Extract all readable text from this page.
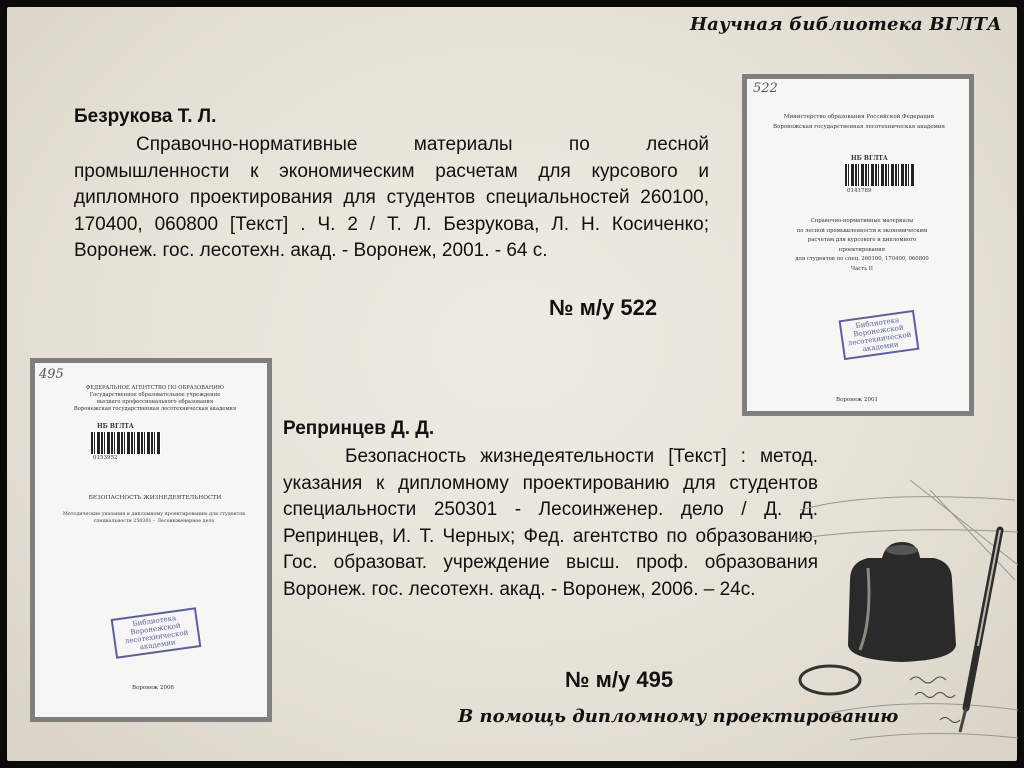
Научная библиотека ВГЛТА
Безрукова Т. Л.

Справочно-нормативные материалы по лесной промышленности к экономическим расчетам для курсового и дипломного проектирования для студентов специальностей 260100, 170400, 060800 [Текст] . Ч. 2 / Т. Л. Безрукова, Л. Н. Косиченко; Воронеж. гос. лесотехн. акад. - Воронеж, 2001. - 64 с.

№ м/у 522
522
Министерство образования Российской Федерации
Воронежская государственная лесотехническая академия
НБ ВГЛТА
0141789
Справочно-нормативные материалы
по лесной промышленности к экономическим
расчетам для курсового и дипломного
проектирования
для студентов по спец. 260100, 170400, 060800
Часть II
Библиотека Воронежской лесотехнической академии
Воронеж 2001
495
ФЕДЕРАЛЬНОЕ АГЕНТСТВО ПО ОБРАЗОВАНИЮ
Государственное образовательное учреждение
высшего профессионального образования
Воронежская государственная лесотехническая академия
НБ ВГЛТА
0153952
БЕЗОПАСНОСТЬ ЖИЗНЕДЕЯТЕЛЬНОСТИ
Методические указания к дипломному проектированию для студентов
специальности 250301 – Лесоинженерное дело
Библиотека Воронежской лесотехнической академии
Воронеж 2006
Репринцев Д. Д.

Безопасность жизнедеятельности [Текст] : метод. указания к дипломному проектированию для студентов специальности 250301 - Лесоинженер. дело / Д. Д. Репринцев, И. Т. Черных; Фед. агентство по образованию, Гос. образоват. учреждение высш. проф. образования Воронеж. гос. лесотехн. акад. - Воронеж, 2006. – 24с.

№ м/у 495
В помощь дипломному проектированию
